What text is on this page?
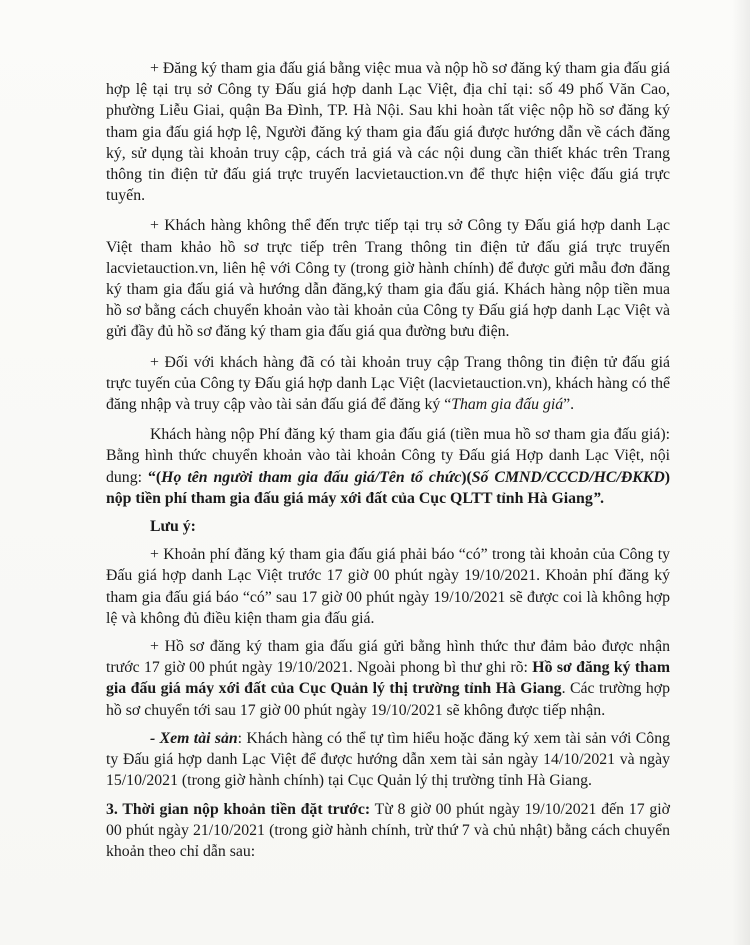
+ Đăng ký tham gia đấu giá bằng việc mua và nộp hồ sơ đăng ký tham gia đấu giá hợp lệ tại trụ sở Công ty Đấu giá hợp danh Lạc Việt, địa chỉ tại: số 49 phố Văn Cao, phường Liễu Giai, quận Ba Đình, TP. Hà Nội. Sau khi hoàn tất việc nộp hồ sơ đăng ký tham gia đấu giá hợp lệ, Người đăng ký tham gia đấu giá được hướng dẫn về cách đăng ký, sử dụng tài khoản truy cập, cách trả giá và các nội dung cần thiết khác trên Trang thông tin điện tử đấu giá trực truyến lacvietauction.vn để thực hiện việc đấu giá trực tuyến.

+ Khách hàng không thể đến trực tiếp tại trụ sở Công ty Đấu giá hợp danh Lạc Việt tham khảo hồ sơ trực tiếp trên Trang thông tin điện tử đấu giá trực truyến lacvietauction.vn, liên hệ với Công ty (trong giờ hành chính) để được gửi mẫu đơn đăng ký tham gia đấu giá và hướng dẫn đăng,ký tham gia đấu giá. Khách hàng nộp tiền mua hồ sơ bằng cách chuyển khoản vào tài khoản của Công ty Đấu giá hợp danh Lạc Việt và gửi đầy đủ hồ sơ đăng ký tham gia đấu giá qua đường bưu điện.

+ Đối với khách hàng đã có tài khoản truy cập Trang thông tin điện tử đấu giá trực tuyến của Công ty Đấu giá hợp danh Lạc Việt (lacvietauction.vn), khách hàng có thể đăng nhập và truy cập vào tài sản đấu giá để đăng ký “Tham gia đấu giá”.

Khách hàng nộp Phí đăng ký tham gia đấu giá (tiền mua hồ sơ tham gia đấu giá): Bằng hình thức chuyển khoản vào tài khoản Công ty Đấu giá Hợp danh Lạc Việt, nội dung: “(Họ tên người tham gia đấu giá/Tên tổ chức)(Số CMND/CCCD/HC/ĐKKD) nộp tiền phí tham gia đấu giá máy xới đất của Cục QLTT tỉnh Hà Giang”.

Lưu ý:

+ Khoản phí đăng ký tham gia đấu giá phải báo “có” trong tài khoản của Công ty Đấu giá hợp danh Lạc Việt trước 17 giờ 00 phút ngày 19/10/2021. Khoản phí đăng ký tham gia đấu giá báo “có” sau 17 giờ 00 phút ngày 19/10/2021 sẽ được coi là không hợp lệ và không đủ điều kiện tham gia đấu giá.

+ Hồ sơ đăng ký tham gia đấu giá gửi bằng hình thức thư đảm bảo được nhận trước 17 giờ 00 phút ngày 19/10/2021. Ngoài phong bì thư ghi rõ: Hồ sơ đăng ký tham gia đấu giá máy xới đất của Cục Quản lý thị trường tỉnh Hà Giang. Các trường hợp hồ sơ chuyển tới sau 17 giờ 00 phút ngày 19/10/2021 sẽ không được tiếp nhận.

- Xem tài sản: Khách hàng có thể tự tìm hiểu hoặc đăng ký xem tài sản với Công ty Đấu giá hợp danh Lạc Việt để được hướng dẫn xem tài sản ngày 14/10/2021 và ngày 15/10/2021 (trong giờ hành chính) tại Cục Quản lý thị trường tỉnh Hà Giang.

3. Thời gian nộp khoản tiền đặt trước: Từ 8 giờ 00 phút ngày 19/10/2021 đến 17 giờ 00 phút ngày 21/10/2021 (trong giờ hành chính, trừ thứ 7 và chủ nhật) bằng cách chuyển khoản theo chỉ dẫn sau:
